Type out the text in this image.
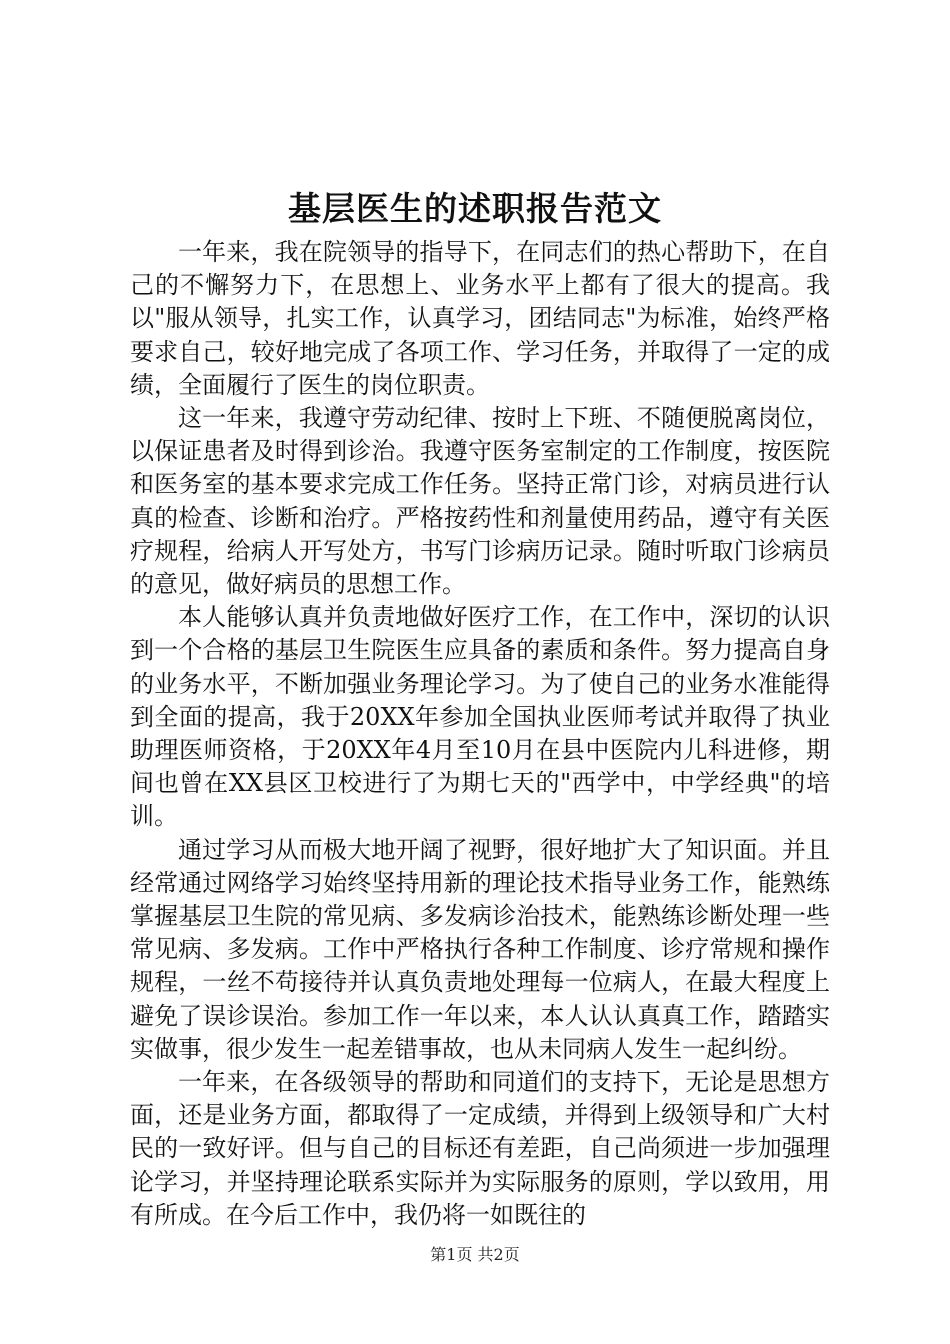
基层医生的述职报告范文

一年来，我在院领导的指导下，在同志们的热心帮助下，在自己的不懈努力下，在思想上、业务水平上都有了很大的提高。我以"服从领导，扎实工作，认真学习，团结同志"为标准，始终严格要求自己，较好地完成了各项工作、学习任务，并取得了一定的成绩，全面履行了医生的岗位职责。

这一年来，我遵守劳动纪律、按时上下班、不随便脱离岗位，以保证患者及时得到诊治。我遵守医务室制定的工作制度，按医院和医务室的基本要求完成工作任务。坚持正常门诊，对病员进行认真的检查、诊断和治疗。严格按药性和剂量使用药品，遵守有关医疗规程，给病人开写处方，书写门诊病历记录。随时听取门诊病员的意见，做好病员的思想工作。

本人能够认真并负责地做好医疗工作，在工作中，深切的认识到一个合格的基层卫生院医生应具备的素质和条件。努力提高自身的业务水平，不断加强业务理论学习。为了使自己的业务水准能得到全面的提高，我于20XX年参加全国执业医师考试并取得了执业助理医师资格，于20XX年4月至10月在县中医院内儿科进修，期间也曾在XX县区卫校进行了为期七天的"西学中，中学经典"的培训。

通过学习从而极大地开阔了视野，很好地扩大了知识面。并且经常通过网络学习始终坚持用新的理论技术指导业务工作，能熟练掌握基层卫生院的常见病、多发病诊治技术，能熟练诊断处理一些常见病、多发病。工作中严格执行各种工作制度、诊疗常规和操作规程，一丝不苟接待并认真负责地处理每一位病人，在最大程度上避免了误诊误治。参加工作一年以来，本人认认真真工作，踏踏实实做事，很少发生一起差错事故，也从未同病人发生一起纠纷。

一年来，在各级领导的帮助和同道们的支持下，无论是思想方面，还是业务方面，都取得了一定成绩，并得到上级领导和广大村民的一致好评。但与自己的目标还有差距，自己尚须进一步加强理论学习，并坚持理论联系实际并为实际服务的原则，学以致用，用有所成。在今后工作中，我仍将一如既往的

第1页 共2页
